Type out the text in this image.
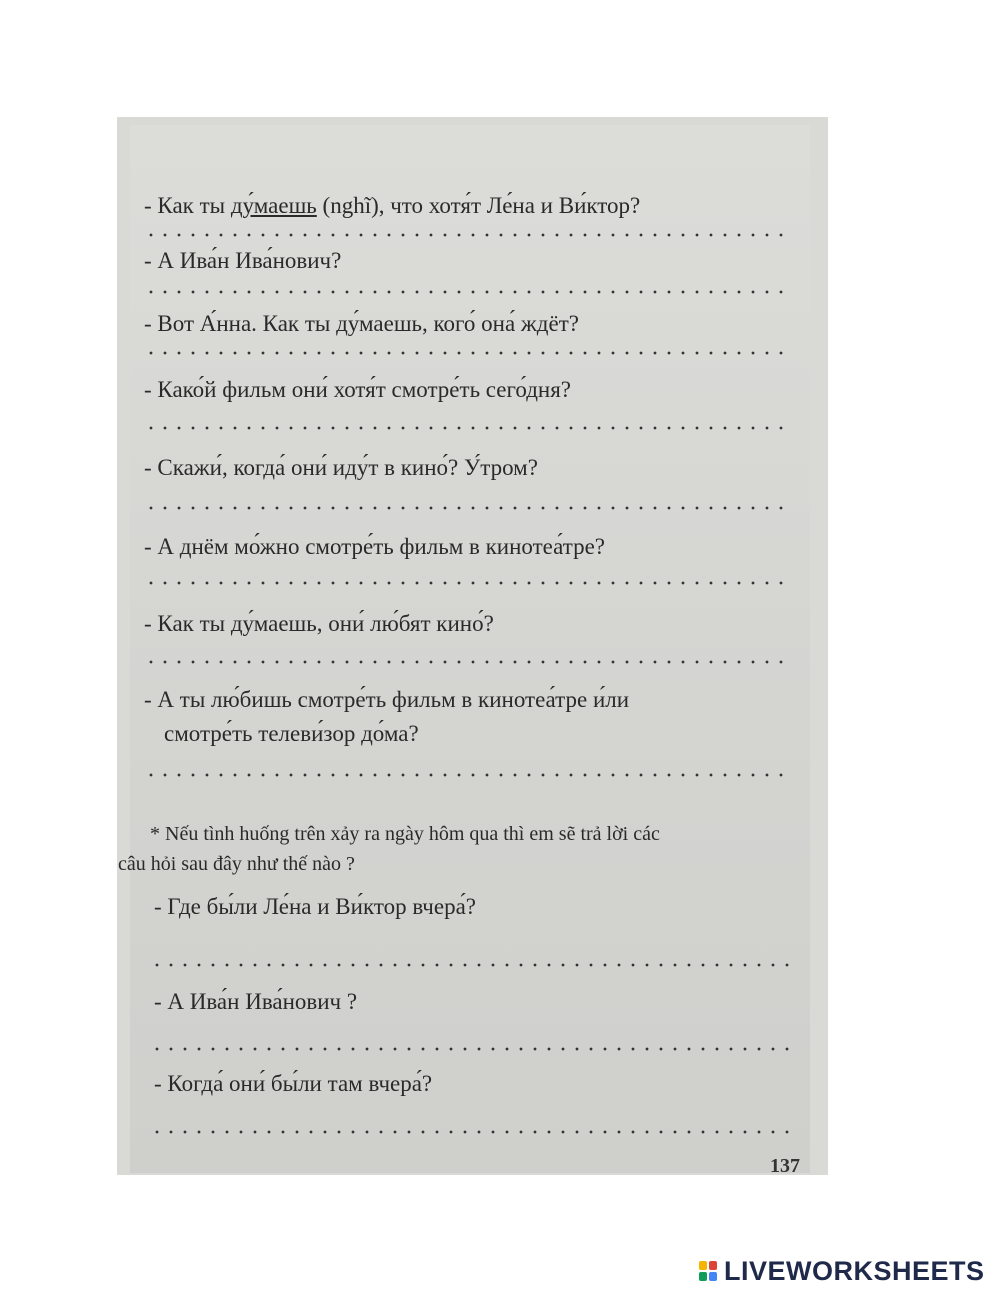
- Как ты ду́маешь (nghĩ), что хотя́т Ле́на и Ви́ктор?
- А Ива́н Ива́нович?
- Вот А́нна. Как ты ду́маешь, кого́ она́ ждёт?
- Како́й фильм они́ хотя́т смотре́ть сего́дня?
- Скажи́, когда́ они́ иду́т в кино́? У́тром?
- А днём мо́жно смотре́ть фильм в кинотеа́тре?
- Как ты ду́маешь, они́ лю́бят кино́?
- А ты лю́бишь смотре́ть фильм в кинотеа́тре и́ли
смотре́ть телеви́зор до́ма?
* Nếu tình huống trên xảy ra ngày hôm qua thì em sẽ trả lời các
câu hỏi sau đây như thế nào ?
- Где бы́ли Ле́на и Ви́ктор вчера́?
- А Ива́н Ива́нович ?
- Когда́ они́ бы́ли там вчера́?
137
LIVEWORKSHEETS
